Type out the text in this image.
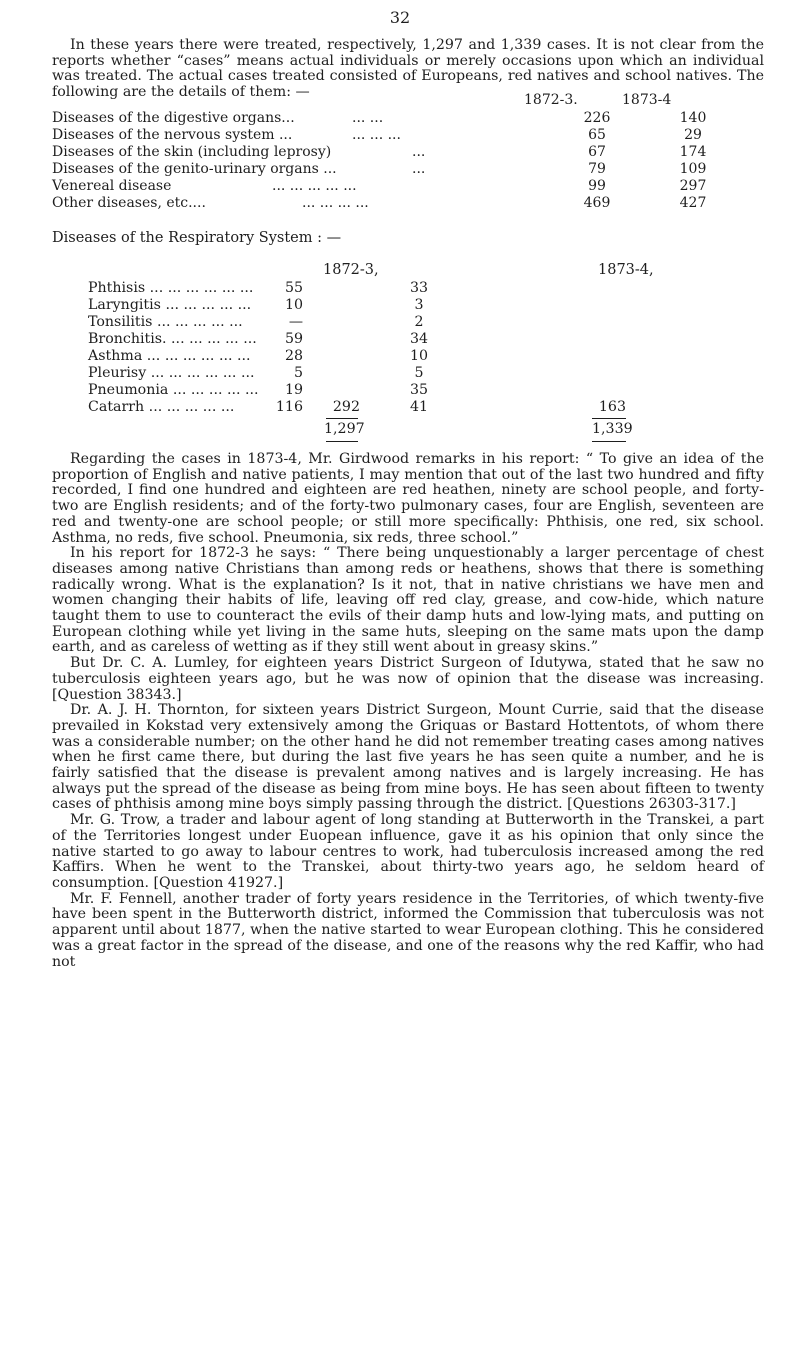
32

In these years there were treated, respectively, 1,297 and 1,339 cases. It is not clear from the reports whether “cases” means actual individuals or merely occasions upon which an individual was treated. The actual cases treated consisted of Europeans, red natives and school natives. The following are the details of them: —

1872-3.	1873-4
Diseases of the digestive organs...	... ...	226	140
Diseases of the nervous system ...	... ... ...	65	29
Diseases of the skin (including leprosy)	...	67	174
Diseases of the genito-urinary organs ...	...	79	109
Venereal disease	... ... ... ... ...	99	297
Other diseases, etc....	... ... ... ...	469	427

Diseases of the Respiratory System : —

1872-3,	1873-4,
Phthisis ... ... ... ... ... ...	55	33
Laryngitis ... ... ... ... ...	10	3
Tonsilitis ... ... ... ... ...	—	2
Bronchitis. ... ... ... ... ...	59	34
Asthma ... ... ... ... ... ...	28	10
Pleurisy ... ... ... ... ... ...	5	5
Pneumonia ... ... ... ... ...	19	35
Catarrh ... ... ... ... ...	116	292	41	163
1,297	1,339

Regarding the cases in 1873-4, Mr. Girdwood remarks in his report: “ To give an idea of the proportion of English and native patients, I may mention that out of the last two hundred and fifty recorded, I find one hundred and eighteen are red heathen, ninety are school people, and forty-two are English residents; and of the forty-two pulmonary cases, four are English, seventeen are red and twenty-one are school people; or still more specifically: Phthisis, one red, six school. Asthma, no reds, five school. Pneumonia, six reds, three school.”

In his report for 1872-3 he says: “ There being unquestionably a larger percentage of chest diseases among native Christians than among reds or heathens, shows that there is something radically wrong. What is the explanation? Is it not, that in native christians we have men and women changing their habits of life, leaving off red clay, grease, and cow-hide, which nature taught them to use to counteract the evils of their damp huts and low-lying mats, and putting on European clothing while yet living in the same huts, sleeping on the same mats upon the damp earth, and as careless of wetting as if they still went about in greasy skins.”

But Dr. C. A. Lumley, for eighteen years District Surgeon of Idutywa, stated that he saw no tuberculosis eighteen years ago, but he was now of opinion that the disease was increasing. [Question 38343.]

Dr. A. J. H. Thornton, for sixteen years District Surgeon, Mount Currie, said that the disease prevailed in Kokstad very extensively among the Griquas or Bastard Hottentots, of whom there was a considerable number; on the other hand he did not remember treating cases among natives when he first came there, but during the last five years he has seen quite a number, and he is fairly satisfied that the disease is prevalent among natives and is largely increasing. He has always put the spread of the disease as being from mine boys. He has seen about fifteen to twenty cases of phthisis among mine boys simply passing through the district. [Questions 26303-317.]

Mr. G. Trow, a trader and labour agent of long standing at Butterworth in the Transkei, a part of the Territories longest under Euopean influence, gave it as his opinion that only since the native started to go away to labour centres to work, had tuberculosis increased among the red Kaffirs. When he went to the Transkei, about thirty-two years ago, he seldom heard of consumption. [Question 41927.]

Mr. F. Fennell, another trader of forty years residence in the Territories, of which twenty-five have been spent in the Butterworth district, informed the Commission that tuberculosis was not apparent until about 1877, when the native started to wear European clothing. This he considered was a great factor in the spread of the disease, and one of the reasons why the red Kaffir, who had not
